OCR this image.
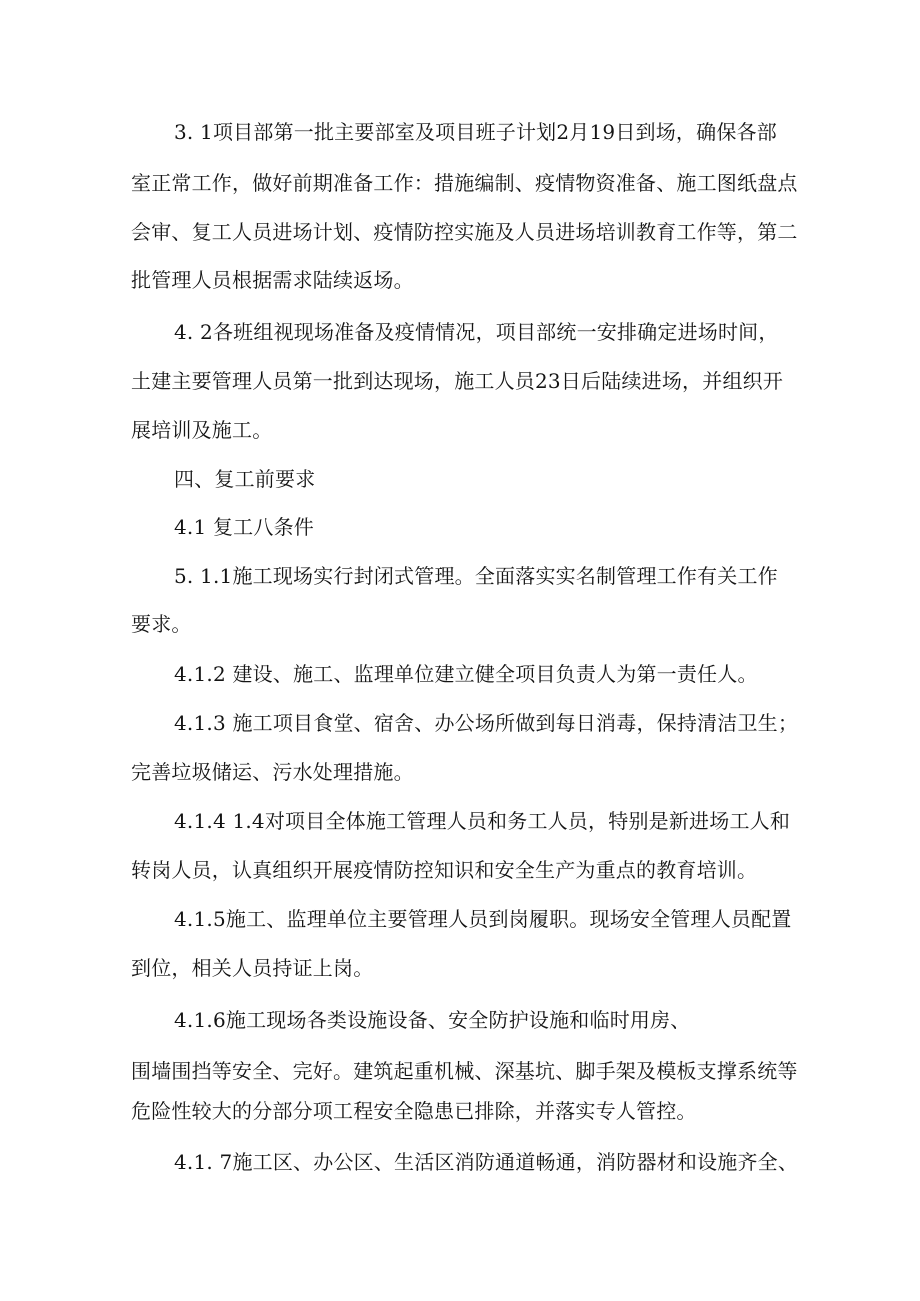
3. 1项目部第一批主要部室及项目班子计划2月19日到场，确保各部
室正常工作，做好前期准备工作：措施编制、疫情物资准备、施工图纸盘点
会审、复工人员进场计划、疫情防控实施及人员进场培训教育工作等，第二
批管理人员根据需求陆续返场。
4. 2各班组视现场准备及疫情情况，项目部统一安排确定进场时间，
土建主要管理人员第一批到达现场，施工人员23日后陆续进场，并组织开
展培训及施工。
四、复工前要求
4.1 复工八条件
5. 1.1施工现场实行封闭式管理。全面落实实名制管理工作有关工作
要求。
4.1.2 建设、施工、监理单位建立健全项目负责人为第一责任人。
4.1.3 施工项目食堂、宿舍、办公场所做到每日消毒，保持清洁卫生；
完善垃圾储运、污水处理措施。
4.1.4 1.4对项目全体施工管理人员和务工人员，特别是新进场工人和
转岗人员，认真组织开展疫情防控知识和安全生产为重点的教育培训。
4.1.5施工、监理单位主要管理人员到岗履职。现场安全管理人员配置
到位，相关人员持证上岗。
4.1.6施工现场各类设施设备、安全防护设施和临时用房、
围墙围挡等安全、完好。建筑起重机械、深基坑、脚手架及模板支撑系统等
危险性较大的分部分项工程安全隐患已排除，并落实专人管控。
4.1. 7施工区、办公区、生活区消防通道畅通，消防器材和设施齐全、
